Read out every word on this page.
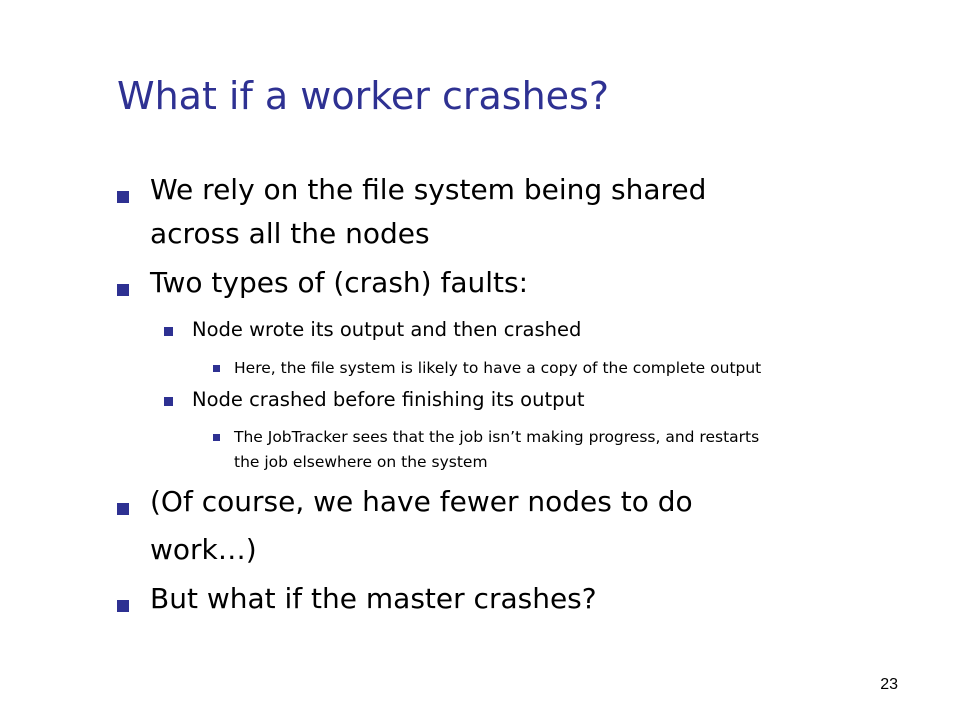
What if a worker crashes?
We rely on the file system being shared
across all the nodes
Two types of (crash) faults:
Node wrote its output and then crashed
Here, the file system is likely to have a copy of the complete output
Node crashed before finishing its output
The JobTracker sees that the job isn’t making progress, and restarts
the job elsewhere on the system
(Of course, we have fewer nodes to do
work…)
But what if the master crashes?
23
